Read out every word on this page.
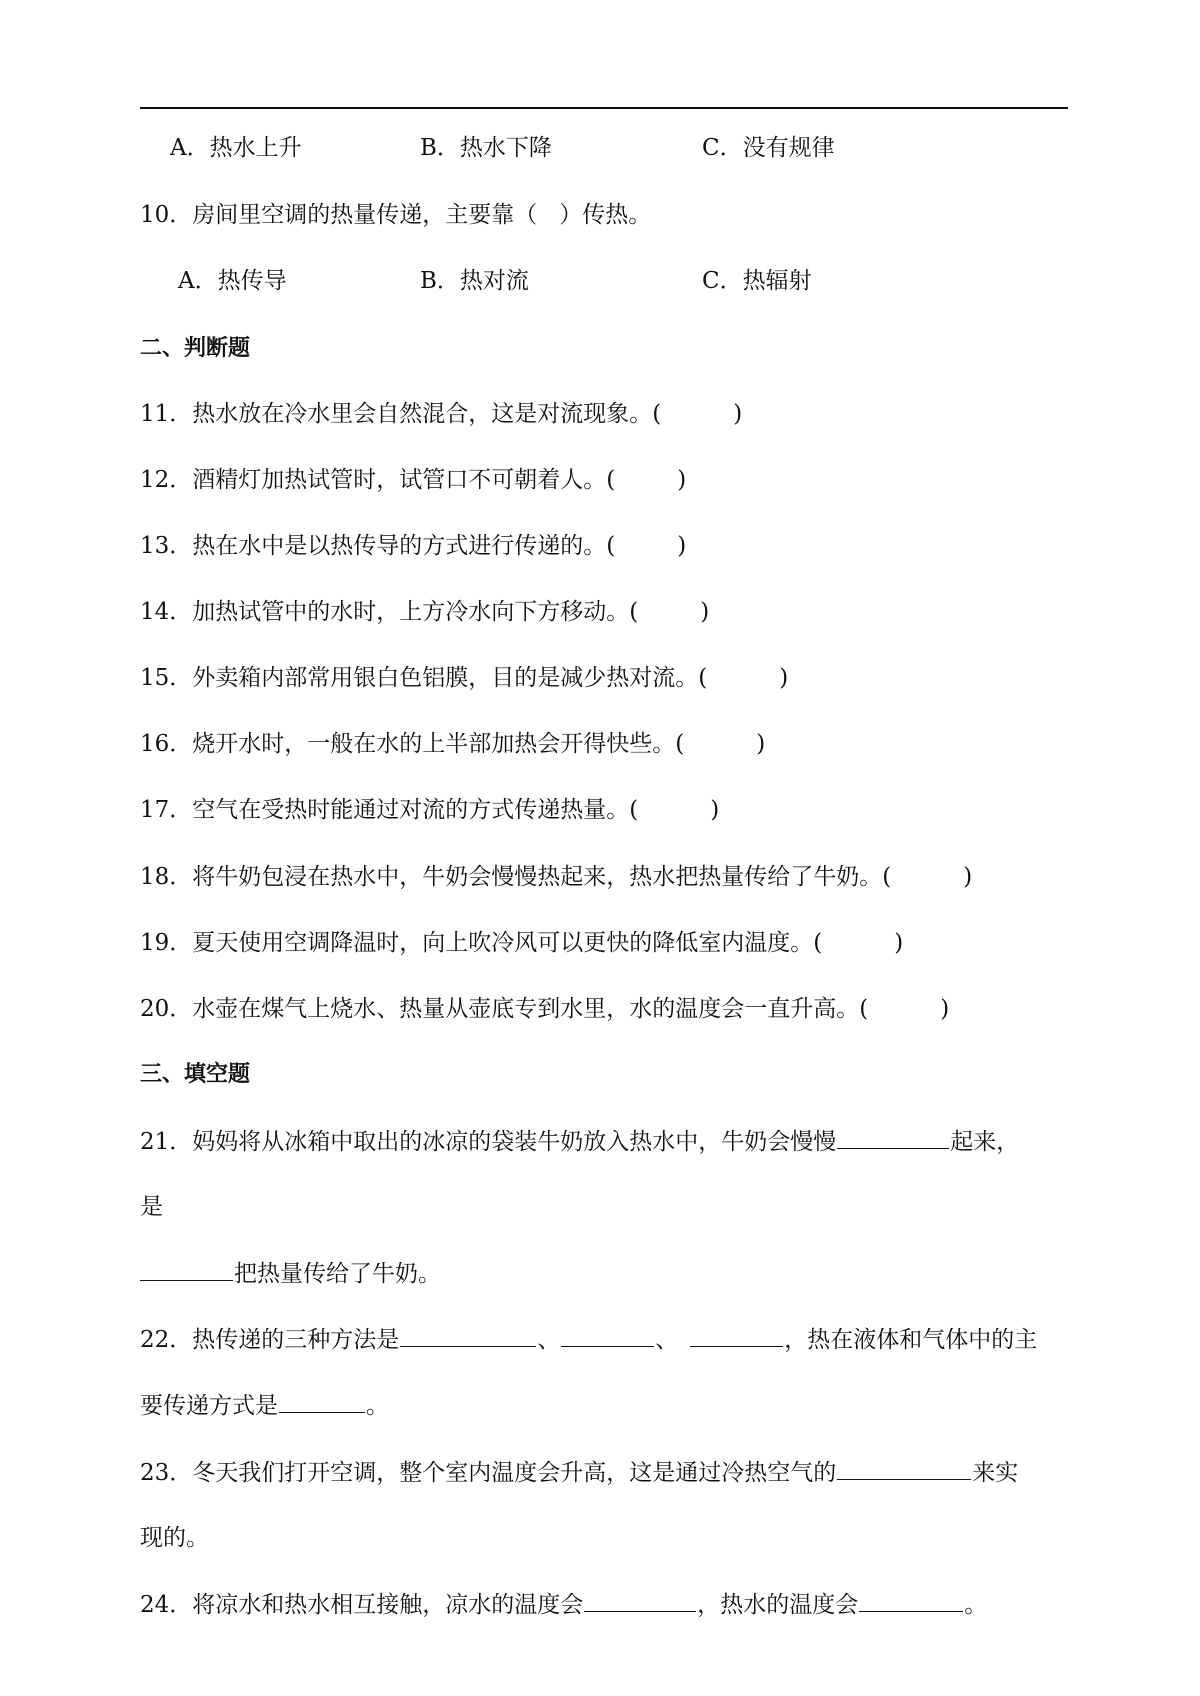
A．热水上升	B．热水下降	C．没有规律
10．房间里空调的热量传递，主要靠（ ）传热。
A．热传导	B．热对流	C．热辐射
二、判断题
11．热水放在冷水里会自然混合，这是对流现象。(	)
12．酒精灯加热试管时，试管口不可朝着人。(	)
13．热在水中是以热传导的方式进行传递的。(	)
14．加热试管中的水时，上方冷水向下方移动。(	)
15．外卖箱内部常用银白色铝膜，目的是减少热对流。(	)
16．烧开水时，一般在水的上半部加热会开得快些。(	)
17．空气在受热时能通过对流的方式传递热量。(	)
18．将牛奶包浸在热水中，牛奶会慢慢热起来，热水把热量传给了牛奶。(	)
19．夏天使用空调降温时，向上吹冷风可以更快的降低室内温度。(	)
20．水壶在煤气上烧水、热量从壶底专到水里，水的温度会一直升高。(	)
三、填空题
21．妈妈将从冰箱中取出的冰凉的袋装牛奶放入热水中，牛奶会慢慢	起来，
是
把热量传给了牛奶。
22．热传递的三种方法是	、	、	，热在液体和气体中的主
要传递方式是	。
23．冬天我们打开空调，整个室内温度会升高，这是通过冷热空气的	来实
现的。
24．将凉水和热水相互接触，凉水的温度会	，热水的温度会	。
